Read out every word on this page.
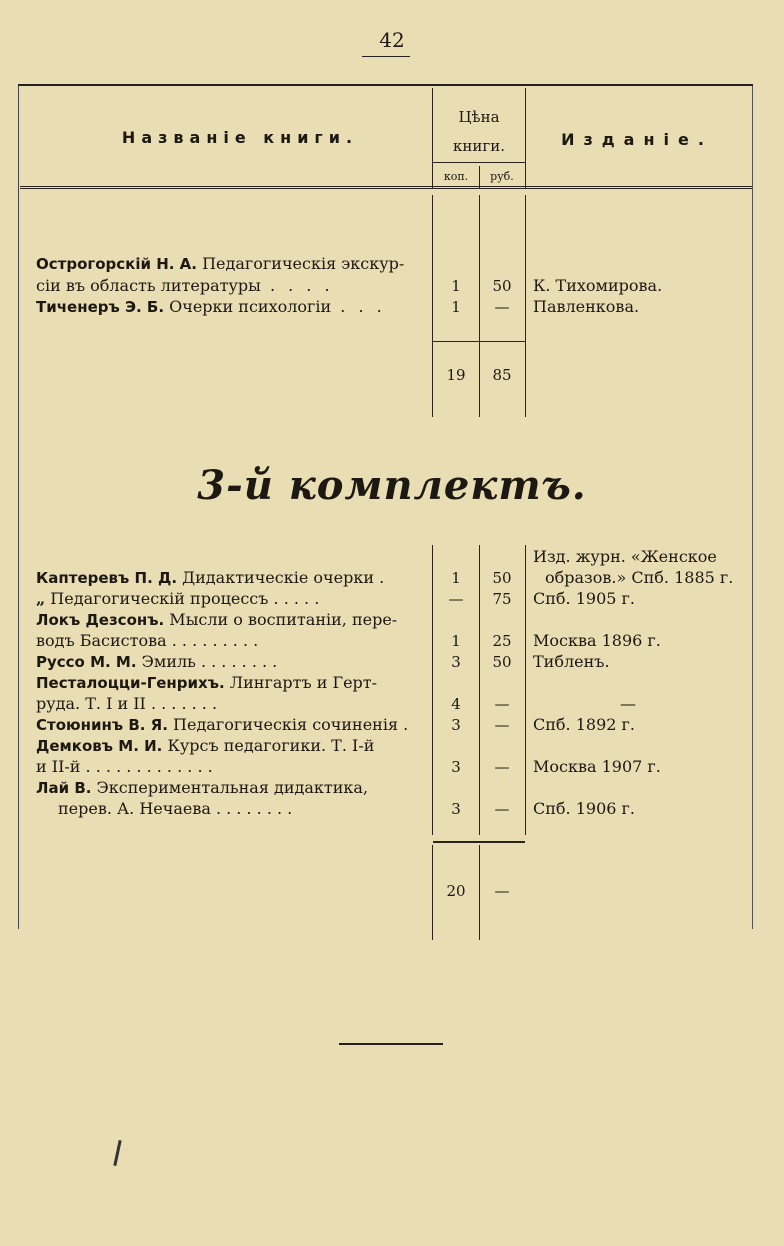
42
Названiе книги.
Цѣна
книги.
коп.	руб.
Изданiе.
Острогорскiй Н. А. Педагогическiя экскур-
сiи въ область литературы . . . .	1	50	К. Тихомирова.
Тиченеръ Э. Б. Очерки психологiи . . .	1	—	Павленкова.
19	85
3-й комплектъ.
Изд. журн. «Женское
Каптеревъ П. Д. Дидактическiе очерки .	1	50	образов.» Спб. 1885 г.
„ Педагогическiй процессъ . . . . .	—	75	Спб. 1905 г.
Локъ Дезсонъ. Мысли о воспитанiи, пере-
водъ Басистова . . . . . . . . .	1	25	Москва 1896 г.
Руссо М. М. Эмиль . . . . . . . .	3	50	Тибленъ.
Песталоцци-Генрихъ. Лингартъ и Герт-
руда. Т. I и II . . . . . . .	4	—	—
Стоюнинъ В. Я. Педагогическiя сочиненiя .	3	—	Спб. 1892 г.
Демковъ М. И. Курсъ педагогики. Т. I-й
и II-й . . . . . . . . . . . . .	3	—	Москва 1907 г.
Лай В. Экспериментальная дидактика,
перев. А. Нечаева . . . . . . . .	3	—	Спб. 1906 г.
20	—
